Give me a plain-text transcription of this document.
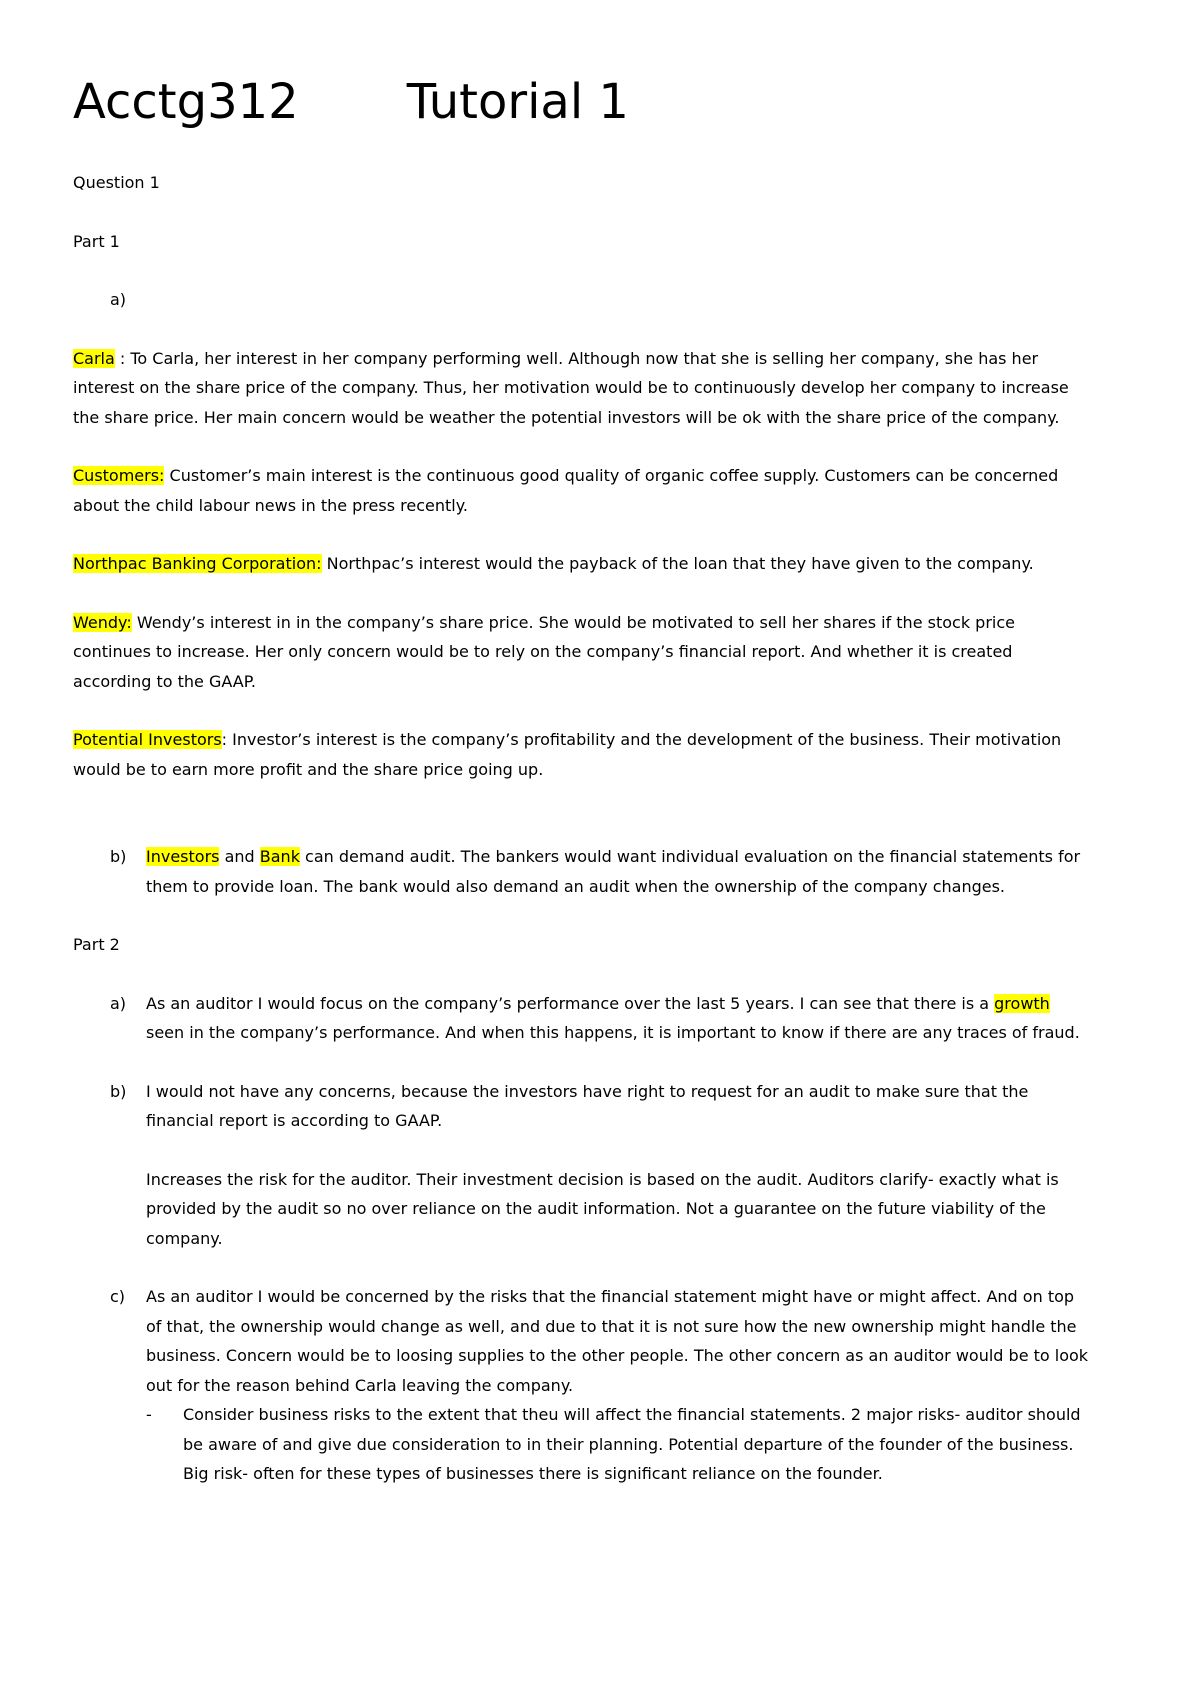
Acctg312 Tutorial 1

Question 1

Part 1

a)

Carla : To Carla, her interest in her company performing well. Although now that she is selling her company, she has her interest on the share price of the company. Thus, her motivation would be to continuously develop her company to increase the share price. Her main concern would be weather the potential investors will be ok with the share price of the company.

Customers: Customer’s main interest is the continuous good quality of organic coffee supply. Customers can be concerned about the child labour news in the press recently.

Northpac Banking Corporation: Northpac’s interest would the payback of the loan that they have given to the company.

Wendy: Wendy’s interest in in the company’s share price. She would be motivated to sell her shares if the stock price continues to increase. Her only concern would be to rely on the company’s financial report. And whether it is created according to the GAAP.

Potential Investors: Investor’s interest is the company’s profitability and the development of the business. Their motivation would be to earn more profit and the share price going up.

b) Investors and Bank can demand audit. The bankers would want individual evaluation on the financial statements for them to provide loan. The bank would also demand an audit when the ownership of the company changes.

Part 2

a) As an auditor I would focus on the company’s performance over the last 5 years. I can see that there is a growth seen in the company’s performance. And when this happens, it is important to know if there are any traces of fraud.
b) I would not have any concerns, because the investors have right to request for an audit to make sure that the financial report is according to GAAP.
Increases the risk for the auditor. Their investment decision is based on the audit. Auditors clarify- exactly what is provided by the audit so no over reliance on the audit information. Not a guarantee on the future viability of the company.
c) As an auditor I would be concerned by the risks that the financial statement might have or might affect. And on top of that, the ownership would change as well, and due to that it is not sure how the new ownership might handle the business. Concern would be to loosing supplies to the other people. The other concern as an auditor would be to look out for the reason behind Carla leaving the company.
- Consider business risks to the extent that theu will affect the financial statements. 2 major risks- auditor should be aware of and give due consideration to in their planning. Potential departure of the founder of the business. Big risk- often for these types of businesses there is significant reliance on the founder.
